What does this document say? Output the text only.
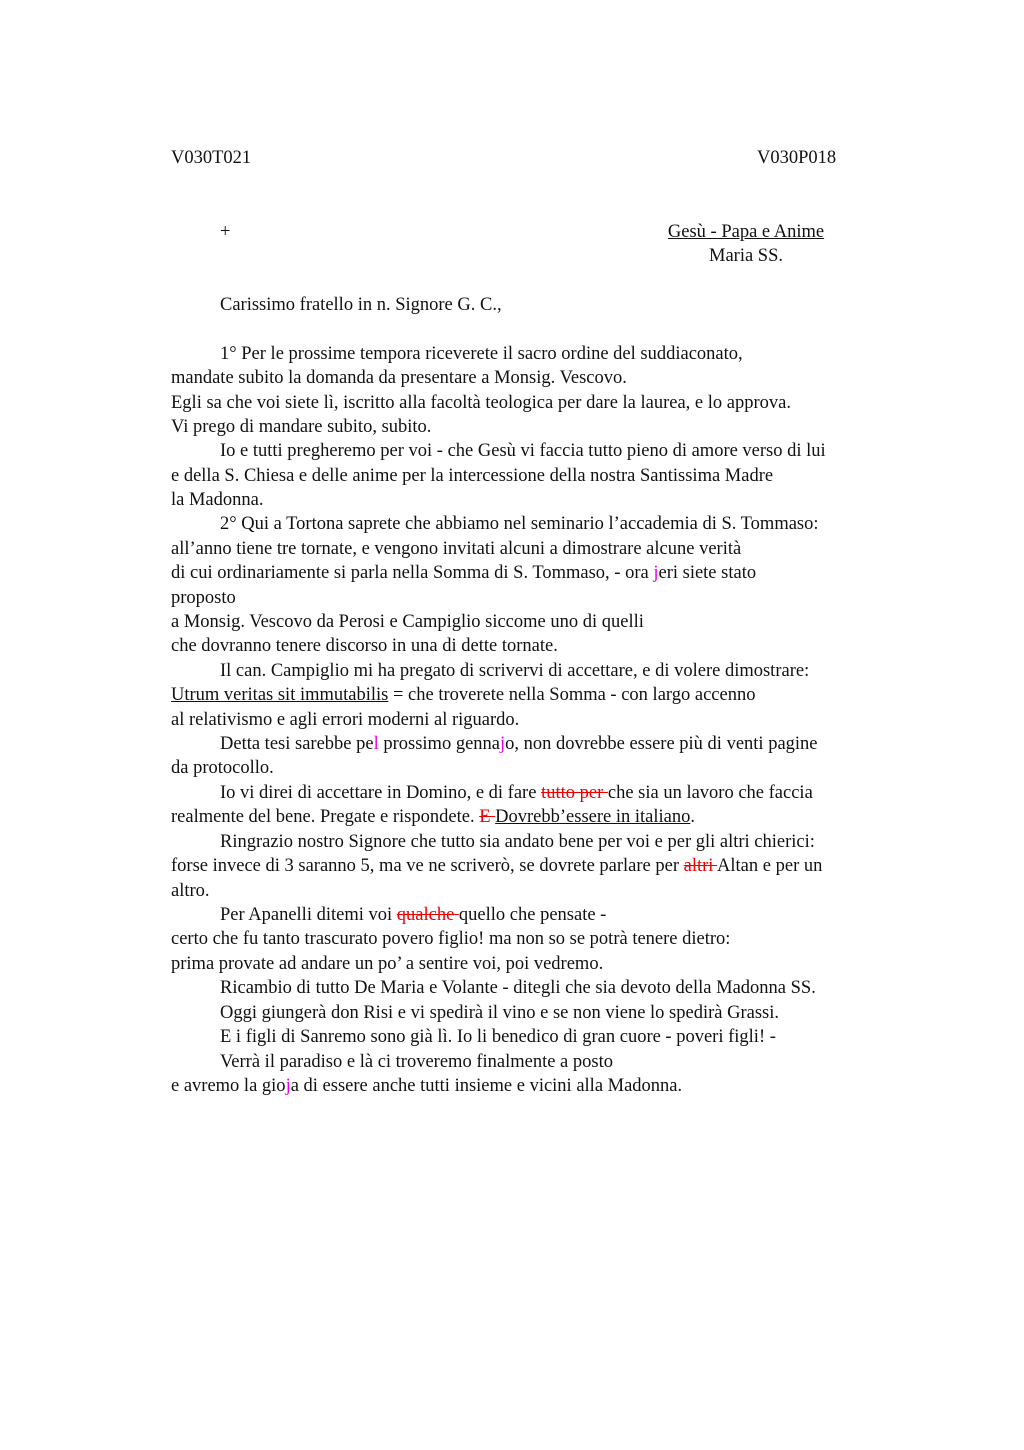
V030T021	V030P018
+	Gesù - Papa e Anime
Maria SS.
Carissimo fratello in n. Signore G. C.,
1° Per le prossime tempora riceverete il sacro ordine del suddiaconato,
mandate subito la domanda da presentare a Monsig. Vescovo.
Egli sa che voi siete lì, iscritto alla facoltà teologica per dare la laurea, e lo approva.
Vi prego di mandare subito, subito.
Io e tutti pregheremo per voi - che Gesù vi faccia tutto pieno di amore verso di lui
e della S. Chiesa e delle anime per la intercessione della nostra Santissima Madre
la Madonna.
2° Qui a Tortona saprete che abbiamo nel seminario l’accademia di S. Tommaso:
all’anno tiene tre tornate, e vengono invitati alcuni a dimostrare alcune verità
di cui ordinariamente si parla nella Somma di S. Tommaso, - ora jeri siete stato
proposto
a Monsig. Vescovo da Perosi e Campiglio siccome uno di quelli
che dovranno tenere discorso in una di dette tornate.
Il can. Campiglio mi ha pregato di scrivervi di accettare, e di volere dimostrare:
Utrum veritas sit immutabilis = che troverete nella Somma - con largo accenno
al relativismo e agli errori moderni al riguardo.
Detta tesi sarebbe pel prossimo gennajo, non dovrebbe essere più di venti pagine
da protocollo.
Io vi direi di accettare in Domino, e di fare tutto per che sia un lavoro che faccia
realmente del bene. Pregate e rispondete. E Dovrebb’essere in italiano.
Ringrazio nostro Signore che tutto sia andato bene per voi e per gli altri chierici:
forse invece di 3 saranno 5, ma ve ne scriverò, se dovrete parlare per altri Altan e per un
altro.
Per Apanelli ditemi voi qualche quello che pensate -
certo che fu tanto trascurato povero figlio! ma non so se potrà tenere dietro:
prima provate ad andare un po’ a sentire voi, poi vedremo.
Ricambio di tutto De Maria e Volante - ditegli che sia devoto della Madonna SS.
Oggi giungerà don Risi e vi spedirà il vino e se non viene lo spedirà Grassi.
E i figli di Sanremo sono già lì. Io li benedico di gran cuore - poveri figli! -
Verrà il paradiso e là ci troveremo finalmente a posto
e avremo la gioja di essere anche tutti insieme e vicini alla Madonna.
